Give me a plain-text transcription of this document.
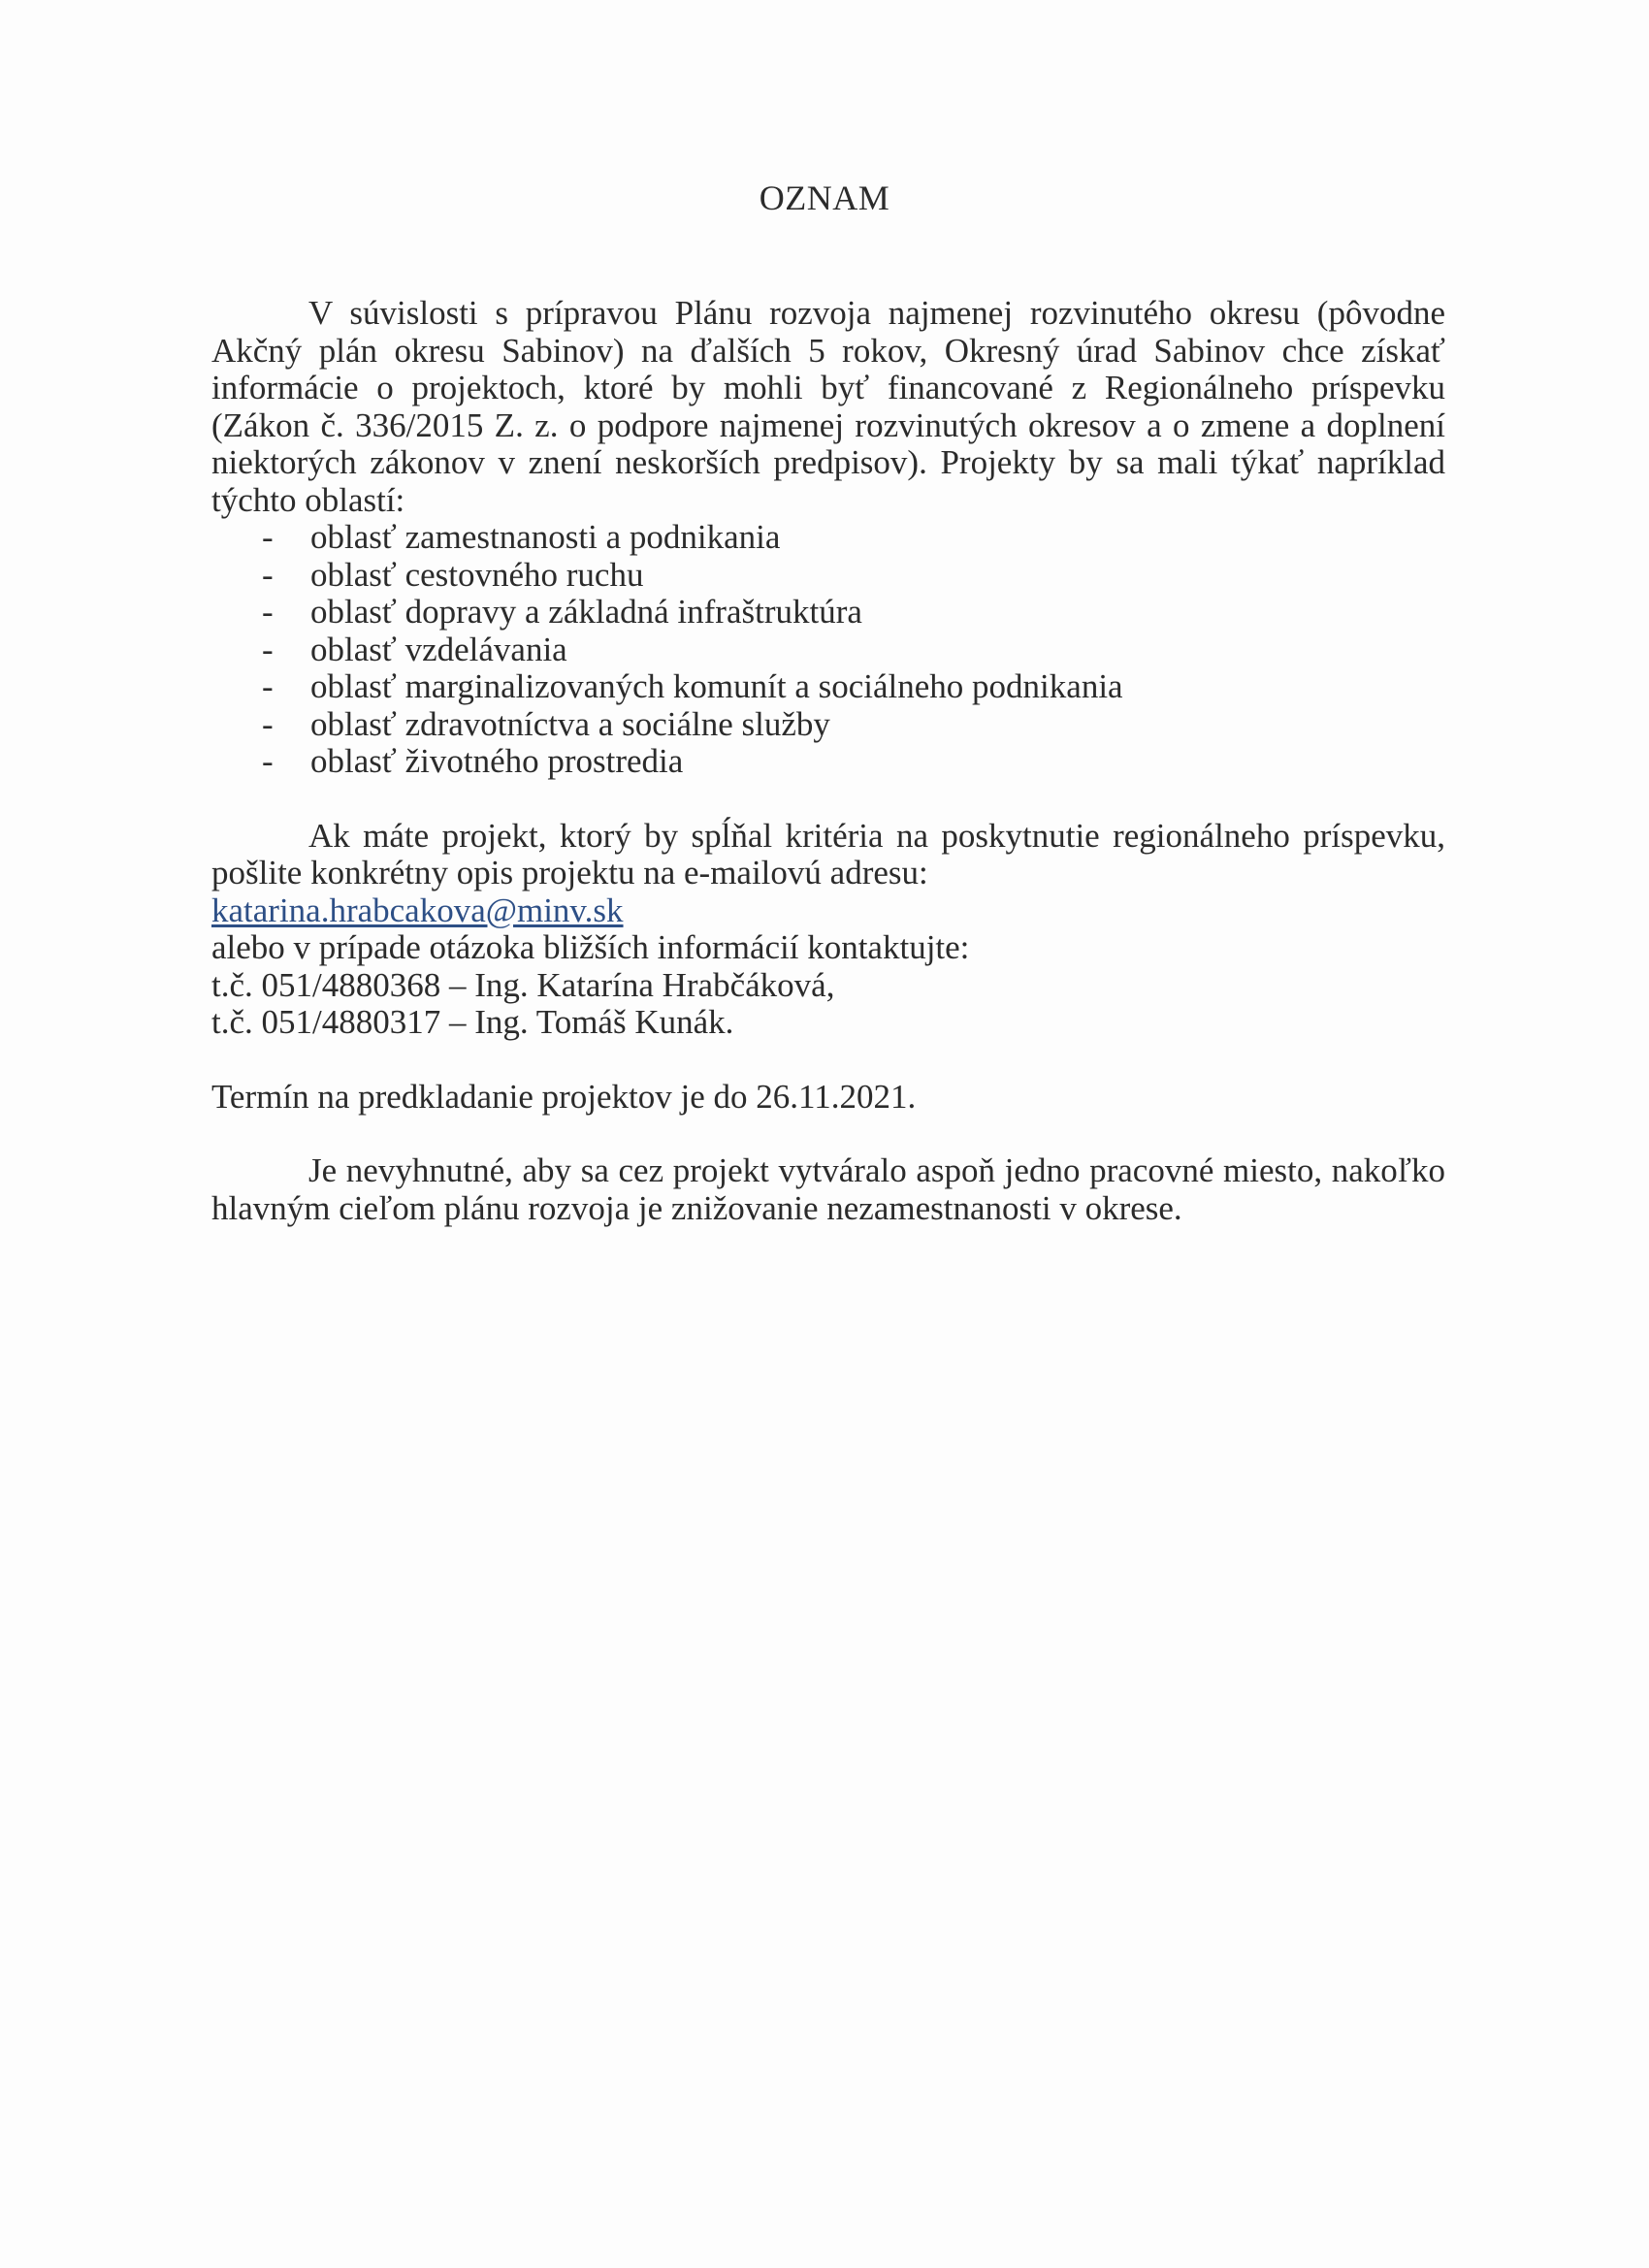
OZNAM

V súvislosti s prípravou Plánu rozvoja najmenej rozvinutého okresu (pôvodne Akčný plán okresu Sabinov) na ďalších 5 rokov, Okresný úrad Sabinov chce získať informácie o projektoch, ktoré by mohli byť financované z Regionálneho príspevku (Zákon č. 336/2015 Z. z. o podpore najmenej rozvinutých okresov a o zmene a doplnení niektorých zákonov v znení neskorších predpisov). Projekty by sa mali týkať napríklad týchto oblastí:

- oblasť zamestnanosti a podnikania
- oblasť cestovného ruchu
- oblasť dopravy a základná infraštruktúra
- oblasť vzdelávania
- oblasť marginalizovaných komunít a sociálneho podnikania
- oblasť zdravotníctva a sociálne služby
- oblasť životného prostredia

Ak máte projekt, ktorý by spĺňal kritéria na poskytnutie regionálneho príspevku, pošlite konkrétny opis projektu na e-mailovú adresu:

katarina.hrabcakova@minv.sk
alebo v prípade otázoka bližších informácií kontaktujte:
t.č. 051/4880368 – Ing. Katarína Hrabčáková,
t.č. 051/4880317 – Ing. Tomáš Kunák.
Termín na predkladanie projektov je do 26.11.2021.

Je nevyhnutné, aby sa cez projekt vytváralo aspoň jedno pracovné miesto, nakoľko hlavným cieľom plánu rozvoja je znižovanie nezamestnanosti v okrese.
